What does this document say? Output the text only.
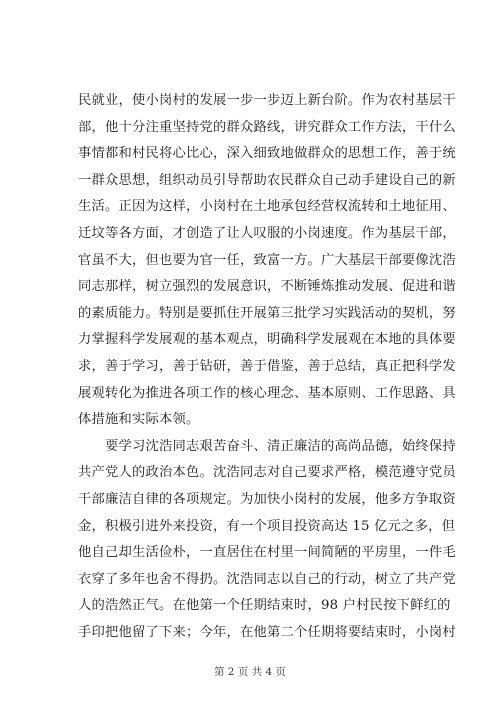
民就业，使小岗村的发展一步一步迈上新台阶。作为农村基层干
部，他十分注重坚持党的群众路线，讲究群众工作方法，干什么
事情都和村民将心比心，深入细致地做群众的思想工作，善于统
一群众思想，组织动员引导帮助农民群众自己动手建设自己的新
生活。正因为这样，小岗村在土地承包经营权流转和土地征用、
迁坟等各方面，才创造了让人叹服的小岗速度。作为基层干部，
官虽不大，但也要为官一任，致富一方。广大基层干部要像沈浩
同志那样，树立强烈的发展意识，不断锤炼推动发展、促进和谐
的素质能力。特别是要抓住开展第三批学习实践活动的契机，努
力掌握科学发展观的基本观点，明确科学发展观在本地的具体要
求，善于学习，善于钻研，善于借鉴，善于总结，真正把科学发
展观转化为推进各项工作的核心理念、基本原则、工作思路、具
体措施和实际本领。
要学习沈浩同志艰苦奋斗、清正廉洁的高尚品德，始终保持
共产党人的政治本色。沈浩同志对自己要求严格，模范遵守党员
干部廉洁自律的各项规定。为加快小岗村的发展，他多方争取资
金，积极引进外来投资，有一个项目投资高达 15 亿元之多，但
他自己却生活俭朴，一直居住在村里一间简陋的平房里，一件毛
衣穿了多年也舍不得扔。沈浩同志以自己的行动，树立了共产党
人的浩然正气。在他第一个任期结束时，98 户村民按下鲜红的
手印把他留了下来；今年，在他第二个任期将要结束时，小岗村
第 2 页 共 4 页
